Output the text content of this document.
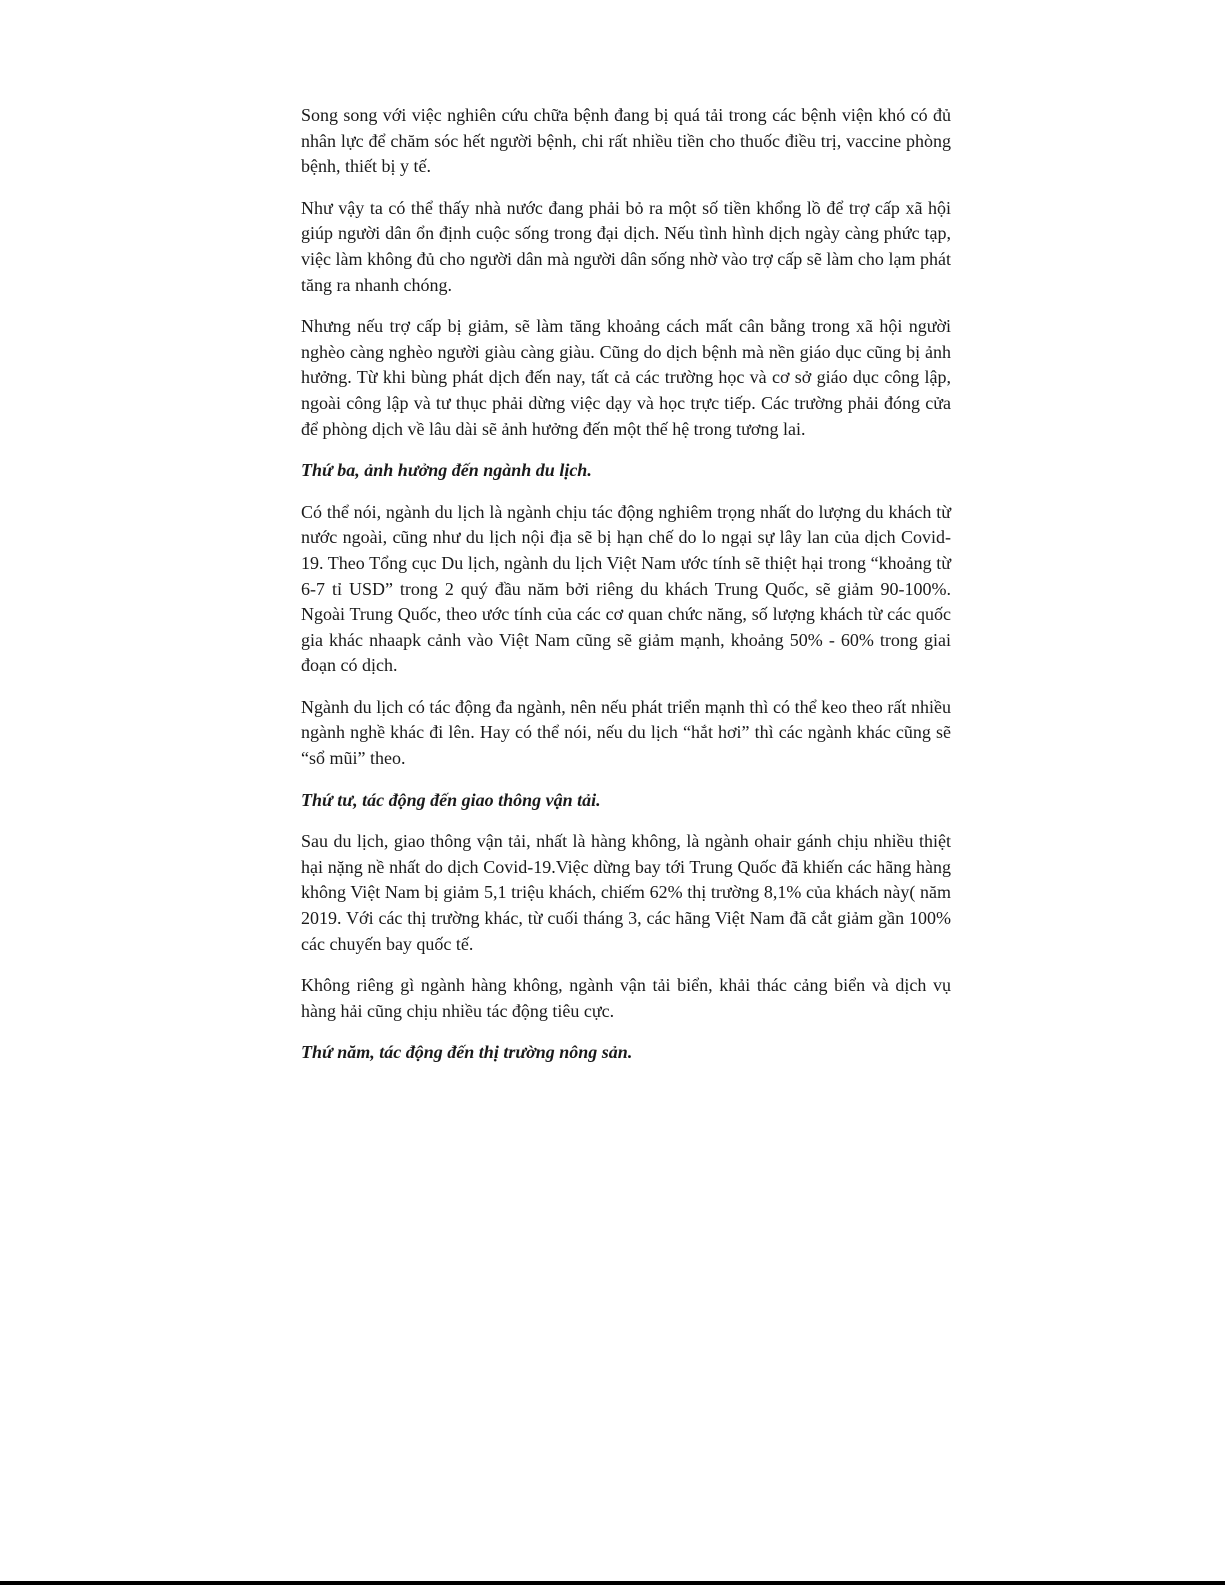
Song song với việc nghiên cứu chữa bệnh đang bị quá tải trong các bệnh viện khó có đủ nhân lực để chăm sóc hết người bệnh, chi rất nhiều tiền cho thuốc điều trị, vaccine phòng bệnh, thiết bị y tế.

Như vậy ta có thể thấy nhà nước đang phải bỏ ra một số tiền khổng lồ để trợ cấp xã hội giúp người dân ổn định cuộc sống trong đại dịch. Nếu tình hình dịch ngày càng phức tạp, việc làm không đủ cho người dân mà người dân sống nhờ vào trợ cấp sẽ làm cho lạm phát tăng ra nhanh chóng.

Nhưng nếu trợ cấp bị giảm, sẽ làm tăng khoảng cách mất cân bằng trong xã hội người nghèo càng nghèo người giàu càng giàu. Cũng do dịch bệnh mà nền giáo dục cũng bị ảnh hưởng. Từ khi bùng phát dịch đến nay, tất cả các trường học và cơ sở giáo dục công lập, ngoài công lập và tư thục phải dừng việc dạy và học trực tiếp. Các trường phải đóng cửa để phòng dịch về lâu dài sẽ ảnh hưởng đến một thế hệ trong tương lai.

Thứ ba, ảnh hưởng đến ngành du lịch.

Có thể nói, ngành du lịch là ngành chịu tác động nghiêm trọng nhất do lượng du khách từ nước ngoài, cũng như du lịch nội địa sẽ bị hạn chế do lo ngại sự lây lan của dịch Covid-19. Theo Tổng cục Du lịch, ngành du lịch Việt Nam ước tính sẽ thiệt hại trong “khoảng từ 6-7 tỉ USD” trong 2 quý đầu năm bởi riêng du khách Trung Quốc, sẽ giảm 90-100%. Ngoài Trung Quốc, theo ước tính của các cơ quan chức năng, số lượng khách từ các quốc gia khác nhaapk cảnh vào Việt Nam cũng sẽ giảm mạnh, khoảng 50% - 60% trong giai đoạn có dịch.

Ngành du lịch có tác động đa ngành, nên nếu phát triển mạnh thì có thể keo theo rất nhiều ngành nghề khác đi lên. Hay có thể nói, nếu du lịch “hắt hơi” thì các ngành khác cũng sẽ “sổ mũi” theo.

Thứ tư, tác động đến giao thông vận tải.

Sau du lịch, giao thông vận tải, nhất là hàng không, là ngành ohair gánh chịu nhiều thiệt hại nặng nề nhất do dịch Covid-19.Việc dừng bay tới Trung Quốc đã khiến các hãng hàng không Việt Nam bị giảm 5,1 triệu khách, chiếm 62% thị trường 8,1% của khách này( năm 2019. Với các thị trường khác, từ cuối tháng 3, các hãng Việt Nam đã cắt giảm gần 100% các chuyến bay quốc tế.

Không riêng gì ngành hàng không, ngành vận tải biển, khải thác cảng biển và dịch vụ hàng hải cũng chịu nhiều tác động tiêu cực.

Thứ năm, tác động đến thị trường nông sản.
